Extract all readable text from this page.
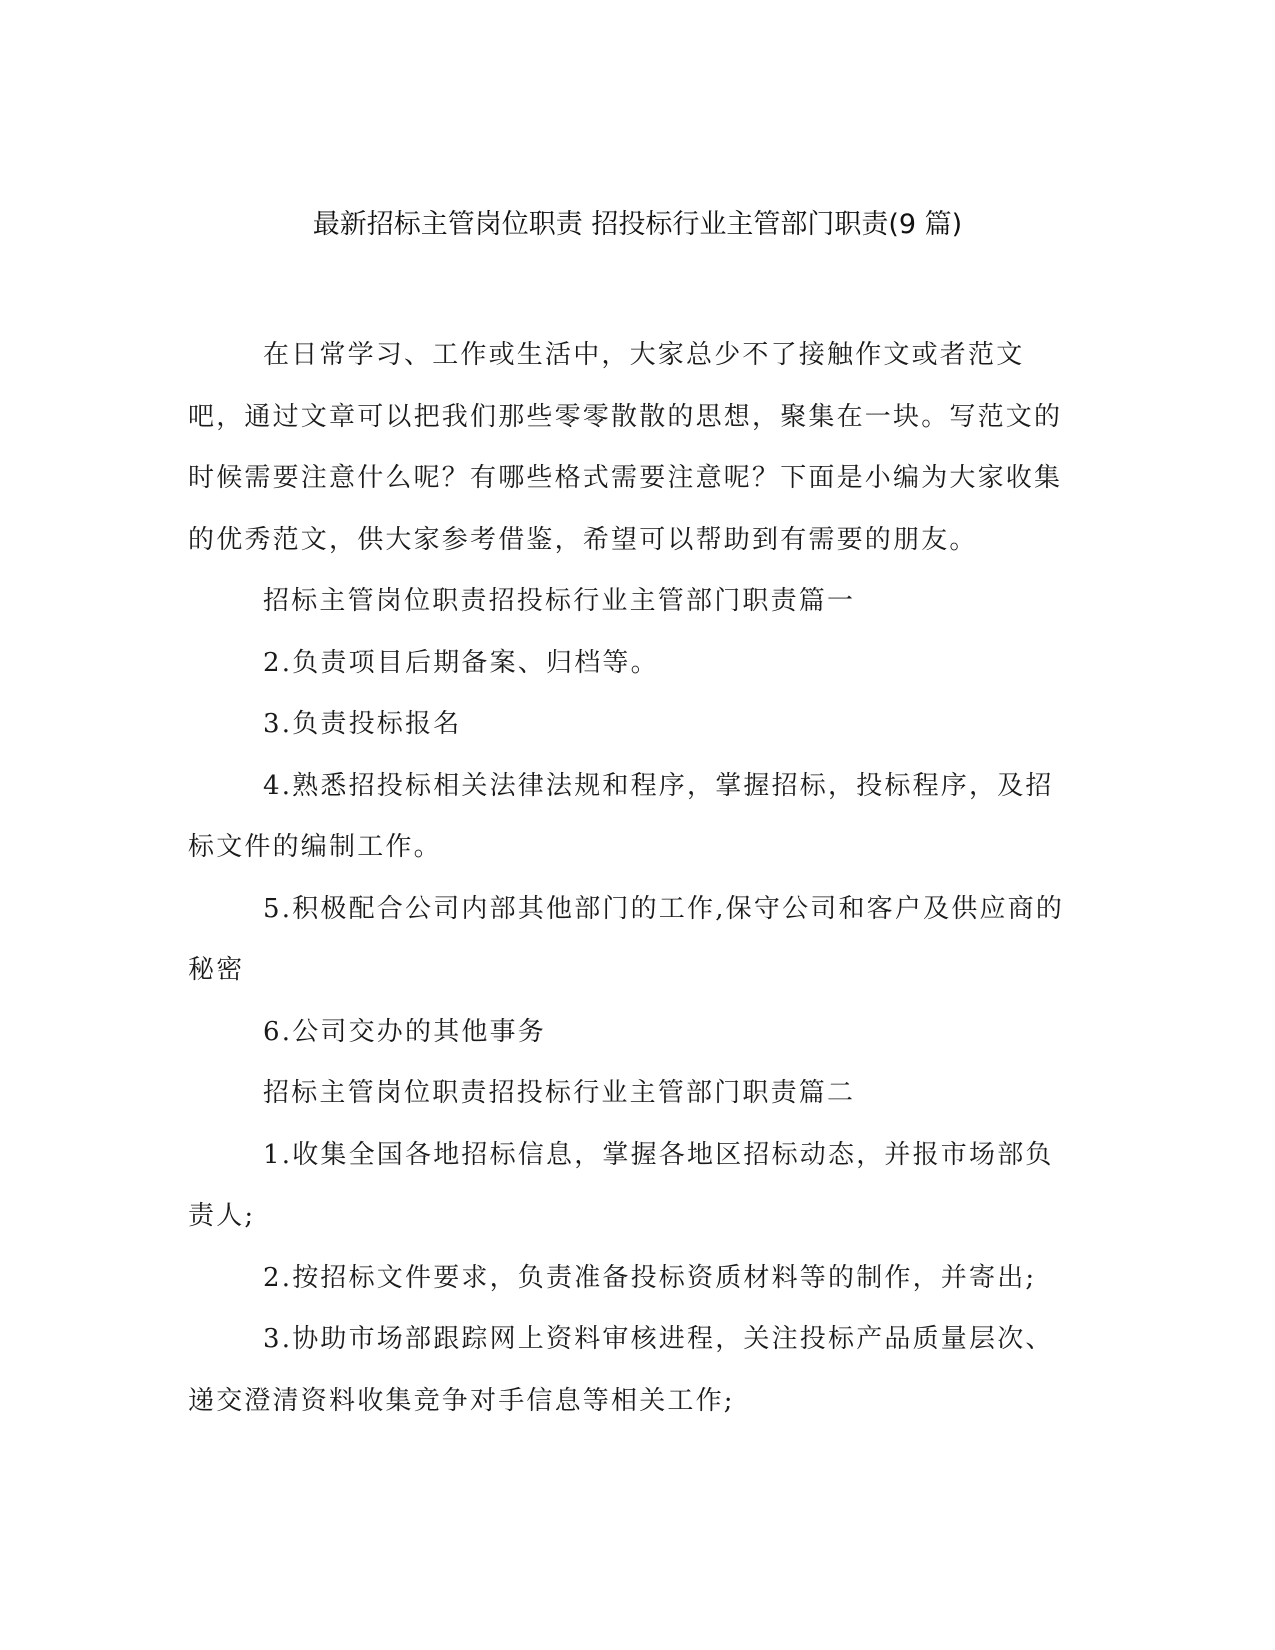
最新招标主管岗位职责 招投标行业主管部门职责(9 篇)

在日常学习、工作或生活中，大家总少不了接触作文或者范文吧，通过文章可以把我们那些零零散散的思想，聚集在一块。写范文的时候需要注意什么呢？有哪些格式需要注意呢？下面是小编为大家收集的优秀范文，供大家参考借鉴，希望可以帮助到有需要的朋友。

招标主管岗位职责招投标行业主管部门职责篇一

2.负责项目后期备案、归档等。

3.负责投标报名

4.熟悉招投标相关法律法规和程序，掌握招标，投标程序，及招标文件的编制工作。

5.积极配合公司内部其他部门的工作,保守公司和客户及供应商的秘密

6.公司交办的其他事务

招标主管岗位职责招投标行业主管部门职责篇二

1.收集全国各地招标信息，掌握各地区招标动态，并报市场部负责人;

2.按招标文件要求，负责准备投标资质材料等的制作，并寄出;

3.协助市场部跟踪网上资料审核进程，关注投标产品质量层次、递交澄清资料收集竞争对手信息等相关工作;
